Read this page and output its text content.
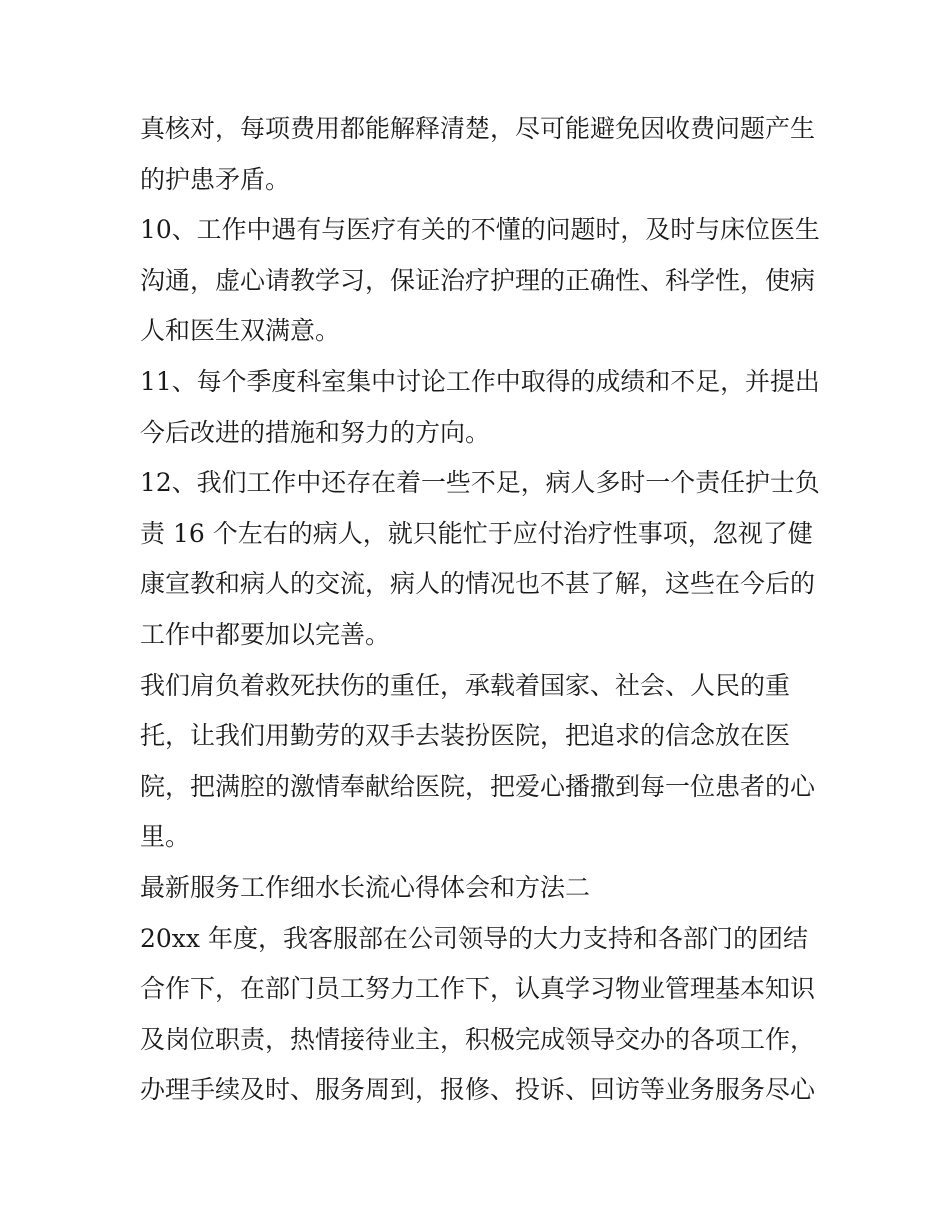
真核对，每项费用都能解释清楚，尽可能避免因收费问题产生
的护患矛盾。
10、工作中遇有与医疗有关的不懂的问题时，及时与床位医生
沟通，虚心请教学习，保证治疗护理的正确性、科学性，使病
人和医生双满意。
11、每个季度科室集中讨论工作中取得的成绩和不足，并提出
今后改进的措施和努力的方向。
12、我们工作中还存在着一些不足，病人多时一个责任护士负
责 16 个左右的病人，就只能忙于应付治疗性事项，忽视了健
康宣教和病人的交流，病人的情况也不甚了解，这些在今后的
工作中都要加以完善。
我们肩负着救死扶伤的重任，承载着国家、社会、人民的重
托，让我们用勤劳的双手去装扮医院，把追求的信念放在医
院，把满腔的激情奉献给医院，把爱心播撒到每一位患者的心
里。
最新服务工作细水长流心得体会和方法二
20xx 年度，我客服部在公司领导的大力支持和各部门的团结
合作下，在部门员工努力工作下，认真学习物业管理基本知识
及岗位职责，热情接待业主，积极完成领导交办的各项工作，
办理手续及时、服务周到，报修、投诉、回访等业务服务尽心
